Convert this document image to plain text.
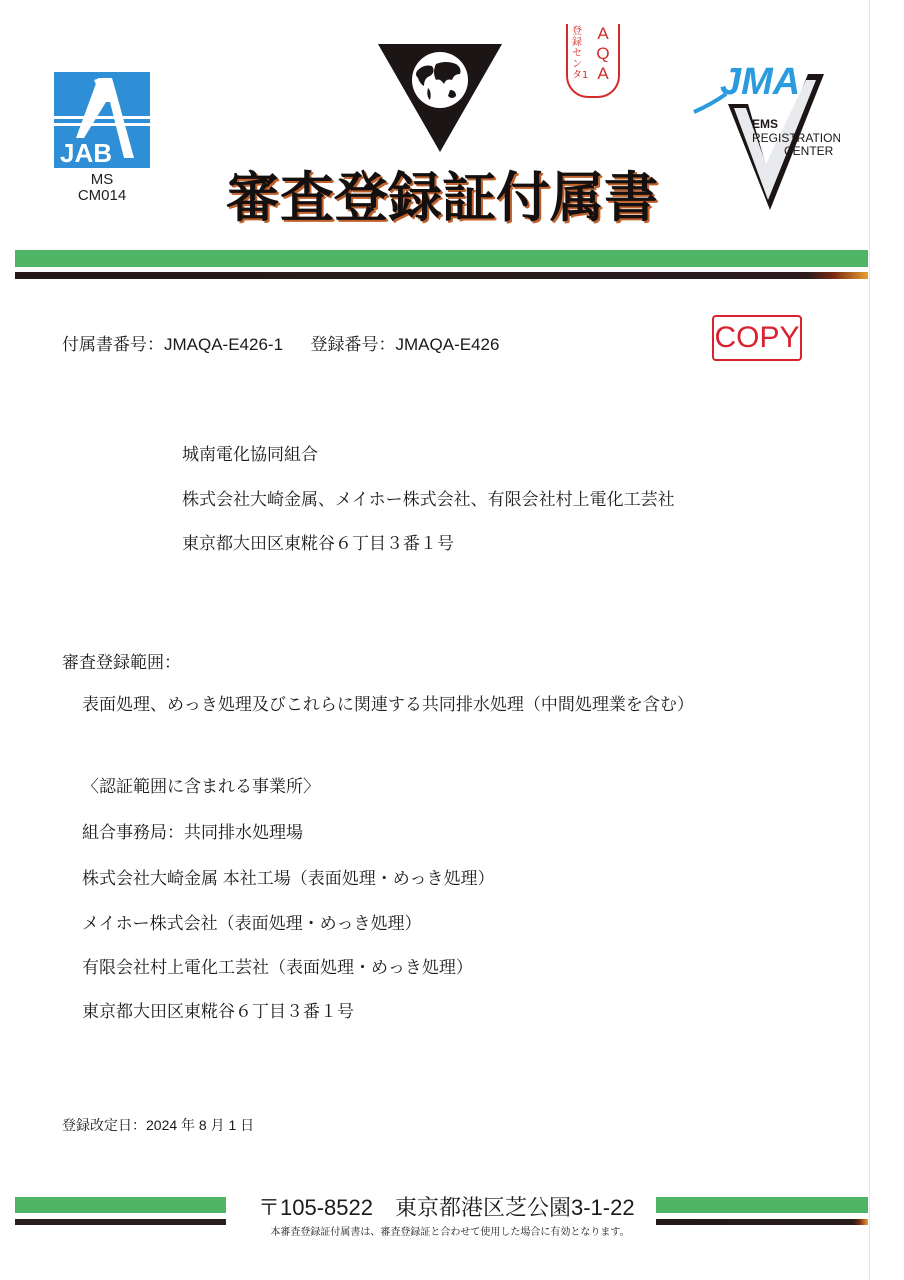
JAB
MS
CM014
登録センタ1
A
Q
A	JMA
EMS
REGISTRATION
CENTER
審査登録証付属書
付属書番号：JMAQA-E426-1 登録番号：JMAQA-E426	COPY
城南電化協同組合
株式会社大崎金属、メイホー株式会社、有限会社村上電化工芸社
東京都大田区東糀谷６丁目３番１号
審査登録範囲：
表面処理、めっき処理及びこれらに関連する共同排水処理（中間処理業を含む）
〈認証範囲に含まれる事業所〉
組合事務局：共同排水処理場
株式会社大崎金属 本社工場（表面処理・めっき処理）
メイホー株式会社（表面処理・めっき処理）
有限会社村上電化工芸社（表面処理・めっき処理）
東京都大田区東糀谷６丁目３番１号
登録改定日：2024 年 8 月 1 日
〒105-8522　東京都港区芝公園3-1-22
本審査登録証付属書は、審査登録証と合わせて使用した場合に有効となります。
